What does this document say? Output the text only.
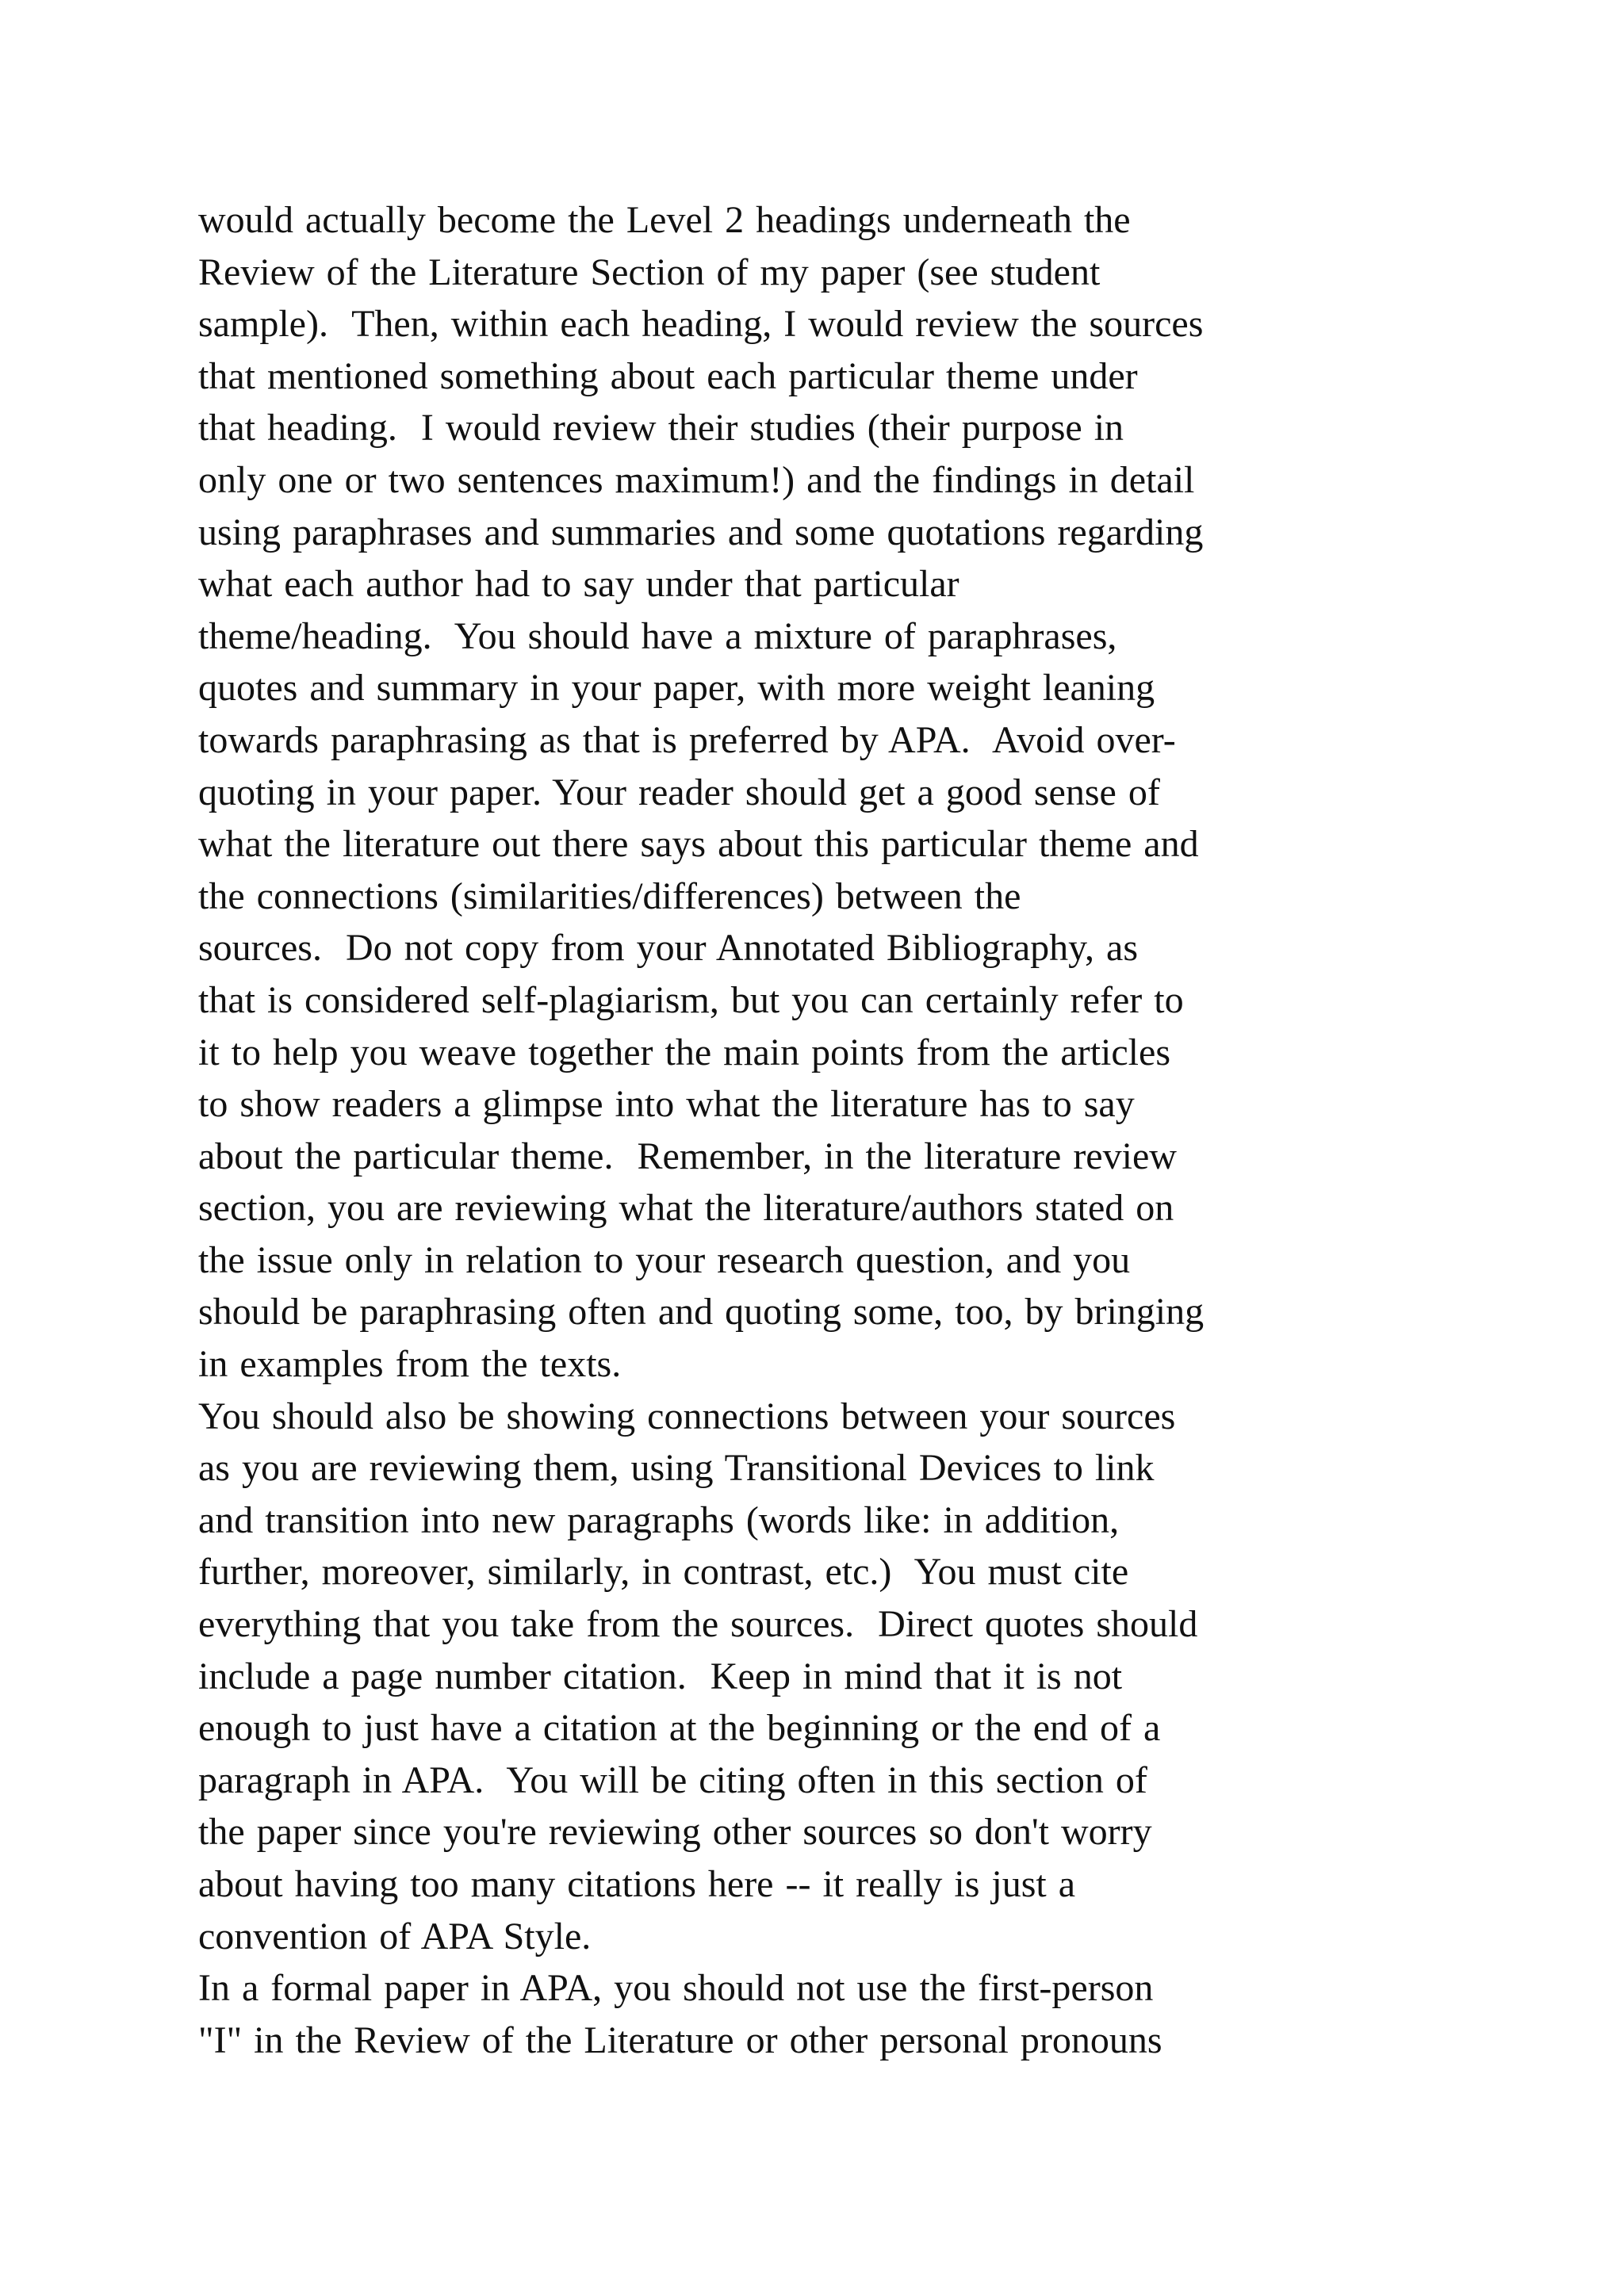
would actually become the Level 2 headings underneath the
Review of the Literature Section of my paper (see student
sample).  Then, within each heading, I would review the sources
that mentioned something about each particular theme under
that heading.  I would review their studies (their purpose in
only one or two sentences maximum!) and the findings in detail
using paraphrases and summaries and some quotations regarding
what each author had to say under that particular
theme/heading.  You should have a mixture of paraphrases,
quotes and summary in your paper, with more weight leaning
towards paraphrasing as that is preferred by APA.  Avoid over-
quoting in your paper. Your reader should get a good sense of
what the literature out there says about this particular theme and
the connections (similarities/differences) between the
sources.  Do not copy from your Annotated Bibliography, as
that is considered self-plagiarism, but you can certainly refer to
it to help you weave together the main points from the articles
to show readers a glimpse into what the literature has to say
about the particular theme.  Remember, in the literature review
section, you are reviewing what the literature/authors stated on
the issue only in relation to your research question, and you
should be paraphrasing often and quoting some, too, by bringing
in examples from the texts.
You should also be showing connections between your sources
as you are reviewing them, using Transitional Devices to link
and transition into new paragraphs (words like: in addition,
further, moreover, similarly, in contrast, etc.)  You must cite
everything that you take from the sources.  Direct quotes should
include a page number citation.  Keep in mind that it is not
enough to just have a citation at the beginning or the end of a
paragraph in APA.  You will be citing often in this section of
the paper since you're reviewing other sources so don't worry
about having too many citations here -- it really is just a
convention of APA Style.
In a formal paper in APA, you should not use the first-person
"I" in the Review of the Literature or other personal pronouns
